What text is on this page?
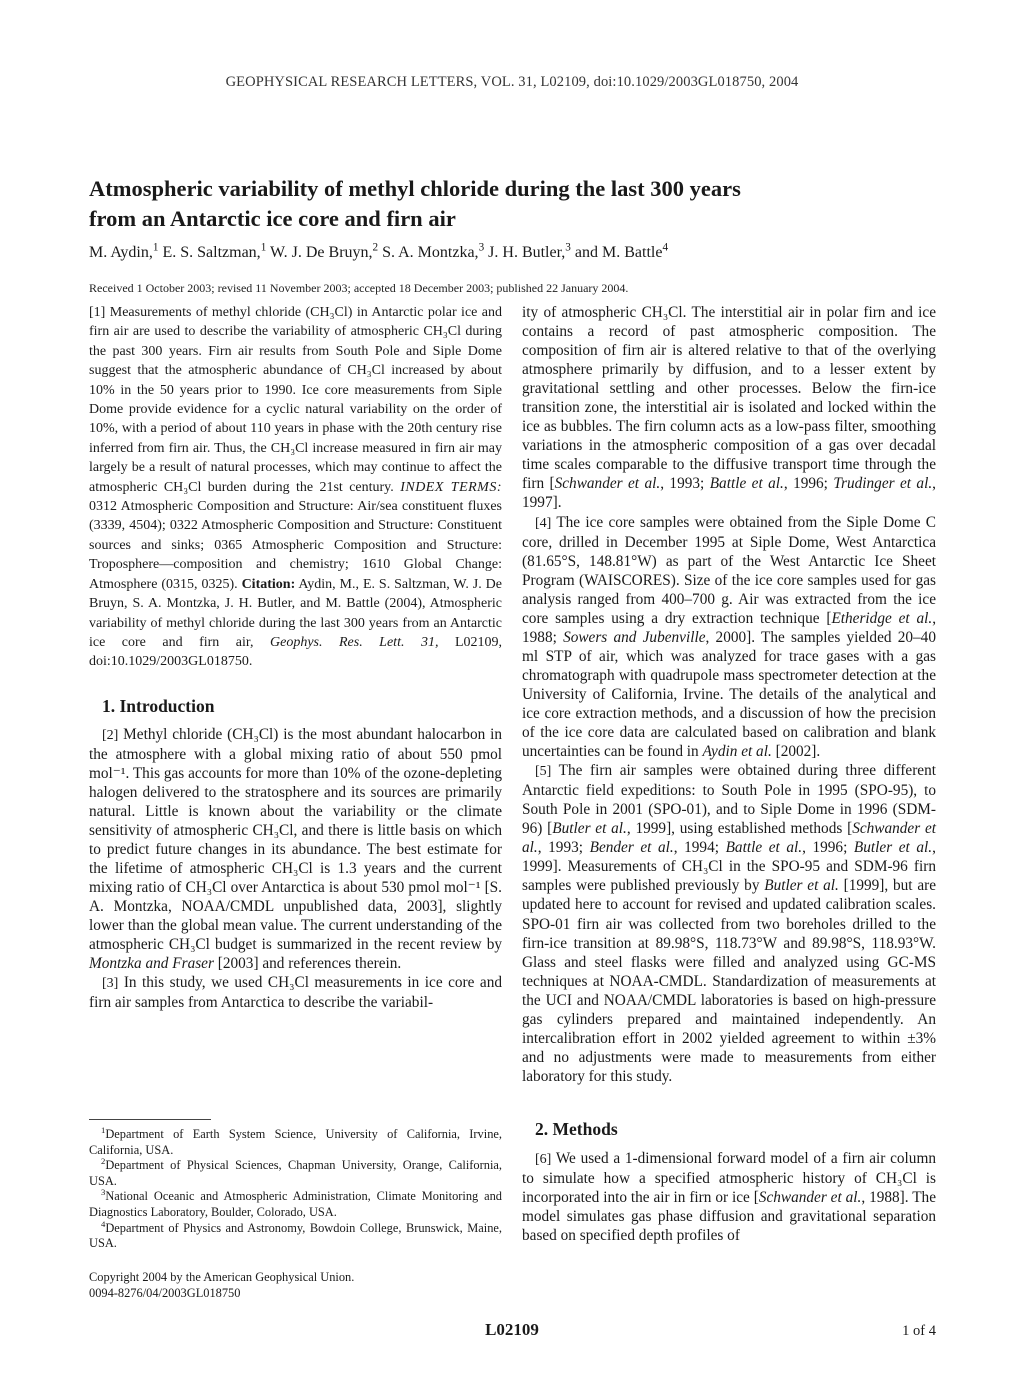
GEOPHYSICAL RESEARCH LETTERS, VOL. 31, L02109, doi:10.1029/2003GL018750, 2004
Atmospheric variability of methyl chloride during the last 300 years
from an Antarctic ice core and firn air
M. Aydin,$^1$ E. S. Saltzman,$^1$ W. J. De Bruyn,$^2$ S. A. Montzka,$^3$ J. H. Butler,$^3$ and M. Battle$^4$
Received 1 October 2003; revised 11 November 2003; accepted 18 December 2003; published 22 January 2004.

[1] Measurements of methyl chloride (CH₃Cl) in Antarctic polar ice and firn air are used to describe the variability of atmospheric CH₃Cl during the past 300 years. Firn air results from South Pole and Siple Dome suggest that the atmospheric abundance of CH₃Cl increased by about 10% in the 50 years prior to 1990. Ice core measurements from Siple Dome provide evidence for a cyclic natural variability on the order of 10%, with a period of about 110 years in phase with the 20th century rise inferred from firn air. Thus, the CH₃Cl increase measured in firn air may largely be a result of natural processes, which may continue to affect the atmospheric CH₃Cl burden during the 21st century. INDEX TERMS: 0312 Atmospheric Composition and Structure: Air/sea constituent fluxes (3339, 4504); 0322 Atmospheric Composition and Structure: Constituent sources and sinks; 0365 Atmospheric Composition and Structure: Troposphere—composition and chemistry; 1610 Global Change: Atmosphere (0315, 0325). Citation: Aydin, M., E. S. Saltzman, W. J. De Bruyn, S. A. Montzka, J. H. Butler, and M. Battle (2004), Atmospheric variability of methyl chloride during the last 300 years from an Antarctic ice core and firn air, Geophys. Res. Lett. 31, L02109, doi:10.1029/2003GL018750.

1. Introduction

[2] Methyl chloride (CH₃Cl) is the most abundant halocarbon in the atmosphere with a global mixing ratio of about 550 pmol mol⁻¹. This gas accounts for more than 10% of the ozone-depleting halogen delivered to the stratosphere and its sources are primarily natural. Little is known about the variability or the climate sensitivity of atmospheric CH₃Cl, and there is little basis on which to predict future changes in its abundance. The best estimate for the lifetime of atmospheric CH₃Cl is 1.3 years and the current mixing ratio of CH₃Cl over Antarctica is about 530 pmol mol⁻¹ [S. A. Montzka, NOAA/CMDL unpublished data, 2003], slightly lower than the global mean value. The current understanding of the atmospheric CH₃Cl budget is summarized in the recent review by Montzka and Fraser [2003] and references therein.

[3] In this study, we used CH₃Cl measurements in ice core and firn air samples from Antarctica to describe the variabil-

$^1$Department of Earth System Science, University of California, Irvine, California, USA.

$^2$Department of Physical Sciences, Chapman University, Orange, California, USA.

$^3$National Oceanic and Atmospheric Administration, Climate Monitoring and Diagnostics Laboratory, Boulder, Colorado, USA.

$^4$Department of Physics and Astronomy, Bowdoin College, Brunswick, Maine, USA.

Copyright 2004 by the American Geophysical Union.
0094-8276/04/2003GL018750

ity of atmospheric CH₃Cl. The interstitial air in polar firn and ice contains a record of past atmospheric composition. The composition of firn air is altered relative to that of the overlying atmosphere primarily by diffusion, and to a lesser extent by gravitational settling and other processes. Below the firn-ice transition zone, the interstitial air is isolated and locked within the ice as bubbles. The firn column acts as a low-pass filter, smoothing variations in the atmospheric composition of a gas over decadal time scales comparable to the diffusive transport time through the firn [Schwander et al., 1993; Battle et al., 1996; Trudinger et al., 1997].

[4] The ice core samples were obtained from the Siple Dome C core, drilled in December 1995 at Siple Dome, West Antarctica (81.65°S, 148.81°W) as part of the West Antarctic Ice Sheet Program (WAISCORES). Size of the ice core samples used for gas analysis ranged from 400–700 g. Air was extracted from the ice core samples using a dry extraction technique [Etheridge et al., 1988; Sowers and Jubenville, 2000]. The samples yielded 20–40 ml STP of air, which was analyzed for trace gases with a gas chromatograph with quadrupole mass spectrometer detection at the University of California, Irvine. The details of the analytical and ice core extraction methods, and a discussion of how the precision of the ice core data are calculated based on calibration and blank uncertainties can be found in Aydin et al. [2002].

[5] The firn air samples were obtained during three different Antarctic field expeditions: to South Pole in 1995 (SPO-95), to South Pole in 2001 (SPO-01), and to Siple Dome in 1996 (SDM-96) [Butler et al., 1999], using established methods [Schwander et al., 1993; Bender et al., 1994; Battle et al., 1996; Butler et al., 1999]. Measurements of CH₃Cl in the SPO-95 and SDM-96 firn samples were published previously by Butler et al. [1999], but are updated here to account for revised and updated calibration scales. SPO-01 firn air was collected from two boreholes drilled to the firn-ice transition at 89.98°S, 118.73°W and 89.98°S, 118.93°W. Glass and steel flasks were filled and analyzed using GC-MS techniques at NOAA-CMDL. Standardization of measurements at the UCI and NOAA/CMDL laboratories is based on high-pressure gas cylinders prepared and maintained independently. An intercalibration effort in 2002 yielded agreement to within ±3% and no adjustments were made to measurements from either laboratory for this study.

2. Methods

[6] We used a 1-dimensional forward model of a firn air column to simulate how a specified atmospheric history of CH₃Cl is incorporated into the air in firn or ice [Schwander et al., 1988]. The model simulates gas phase diffusion and gravitational separation based on specified depth profiles of

L02109	1 of 4
